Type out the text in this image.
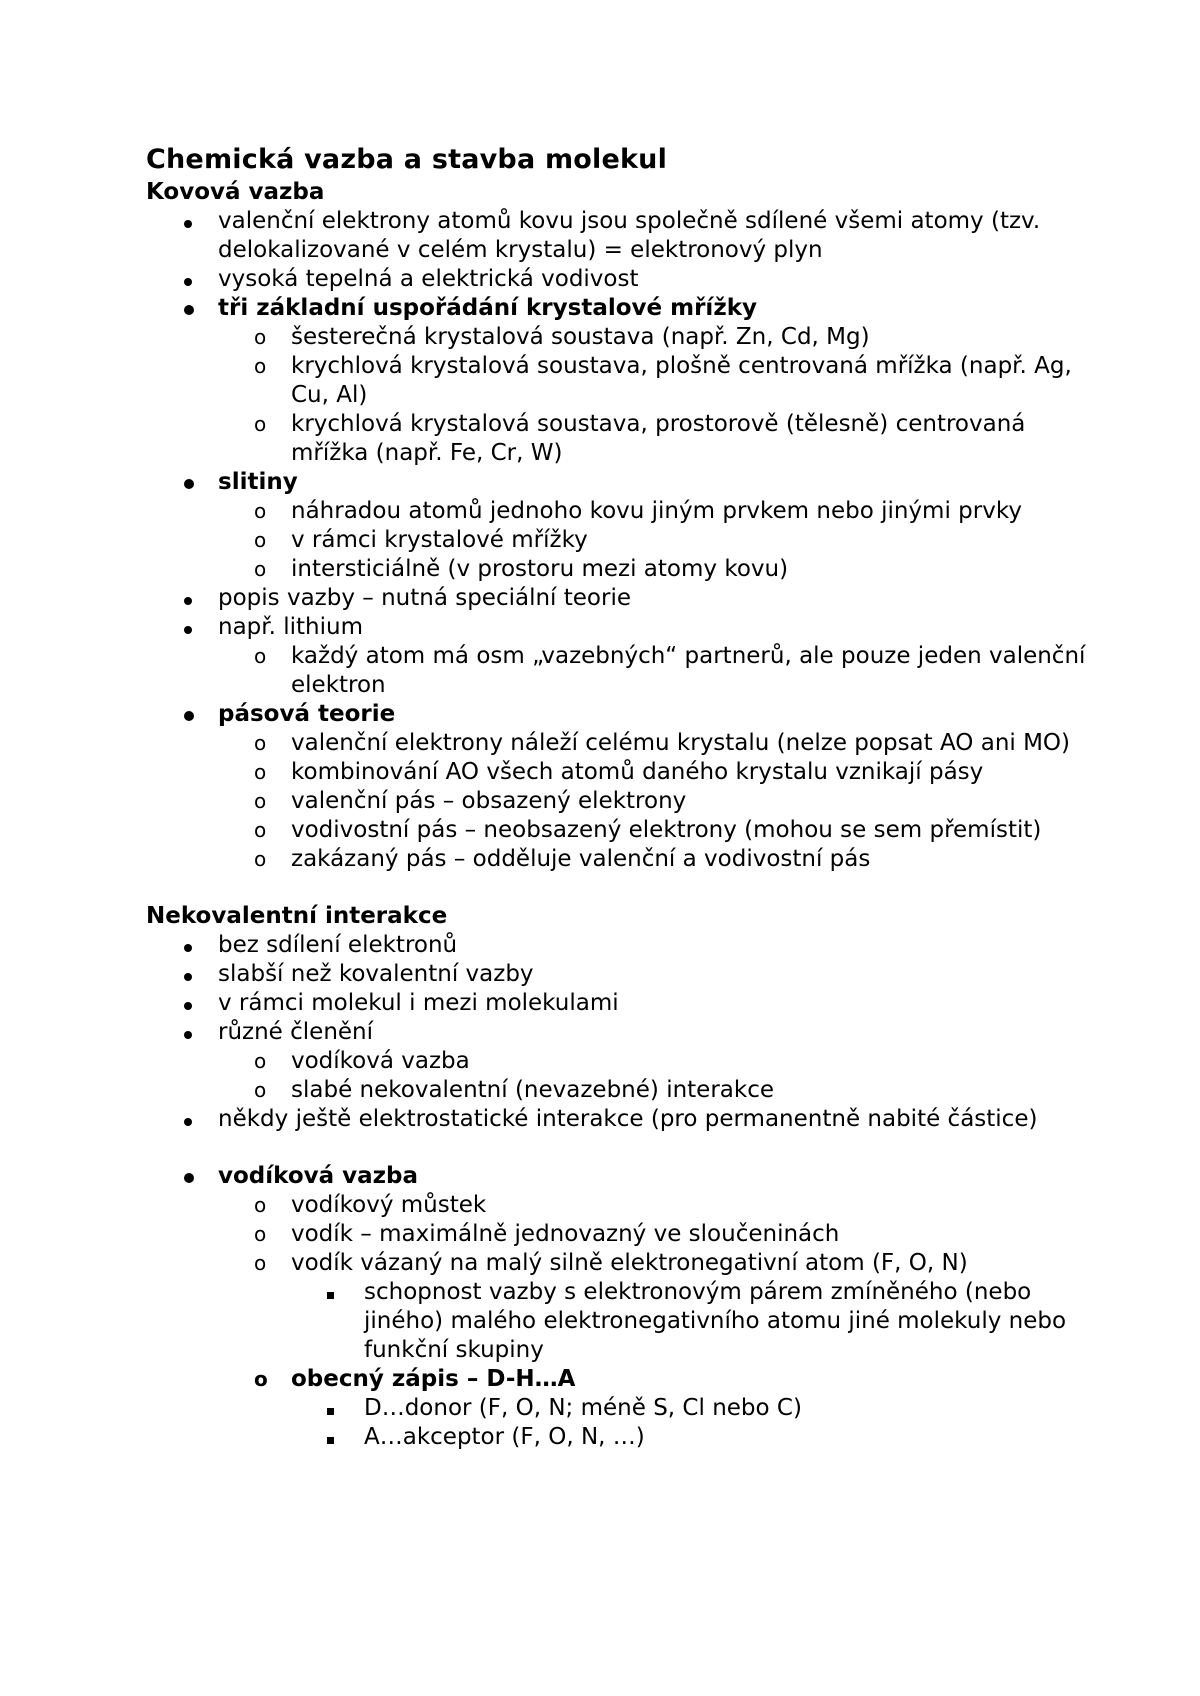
Chemická vazba a stavba molekul
Kovová vazba
valenční elektrony atomů kovu jsou společně sdílené všemi atomy (tzv. delokalizované v celém krystalu) = elektronový plyn
vysoká tepelná a elektrická vodivost
tři základní uspořádání krystalové mřížky
o šesterečná krystalová soustava (např. Zn, Cd, Mg)
o krychlová krystalová soustava, plošně centrovaná mřížka (např. Ag, Cu, Al)
o krychlová krystalová soustava, prostorově (tělesně) centrovaná mřížka (např. Fe, Cr, W)
slitiny
o náhradou atomů jednoho kovu jiným prvkem nebo jinými prvky
o v rámci krystalové mřížky
o intersticiálně (v prostoru mezi atomy kovu)
popis vazby – nutná speciální teorie
např. lithium
o každý atom má osm „vazebných“ partnerů, ale pouze jeden valenční elektron
pásová teorie
o valenční elektrony náleží celému krystalu (nelze popsat AO ani MO)
o kombinování AO všech atomů daného krystalu vznikají pásy
o valenční pás – obsazený elektrony
o vodivostní pás – neobsazený elektrony (mohou se sem přemístit)
o zakázaný pás – odděluje valenční a vodivostní pás
Nekovalentní interakce
bez sdílení elektronů
slabší než kovalentní vazby
v rámci molekul i mezi molekulami
různé členění
o vodíková vazba
o slabé nekovalentní (nevazebné) interakce
někdy ještě elektrostatické interakce (pro permanentně nabité částice)
vodíková vazba
o vodíkový můstek
o vodík – maximálně jednovazný ve sloučeninách
o vodík vázaný na malý silně elektronegativní atom (F, O, N)
schopnost vazby s elektronovým párem zmíněného (nebo jiného) malého elektronegativního atomu jiné molekuly nebo funkční skupiny
o obecný zápis – D-H…A
D…donor (F, O, N; méně S, Cl nebo C)
A…akceptor (F, O, N, …)
